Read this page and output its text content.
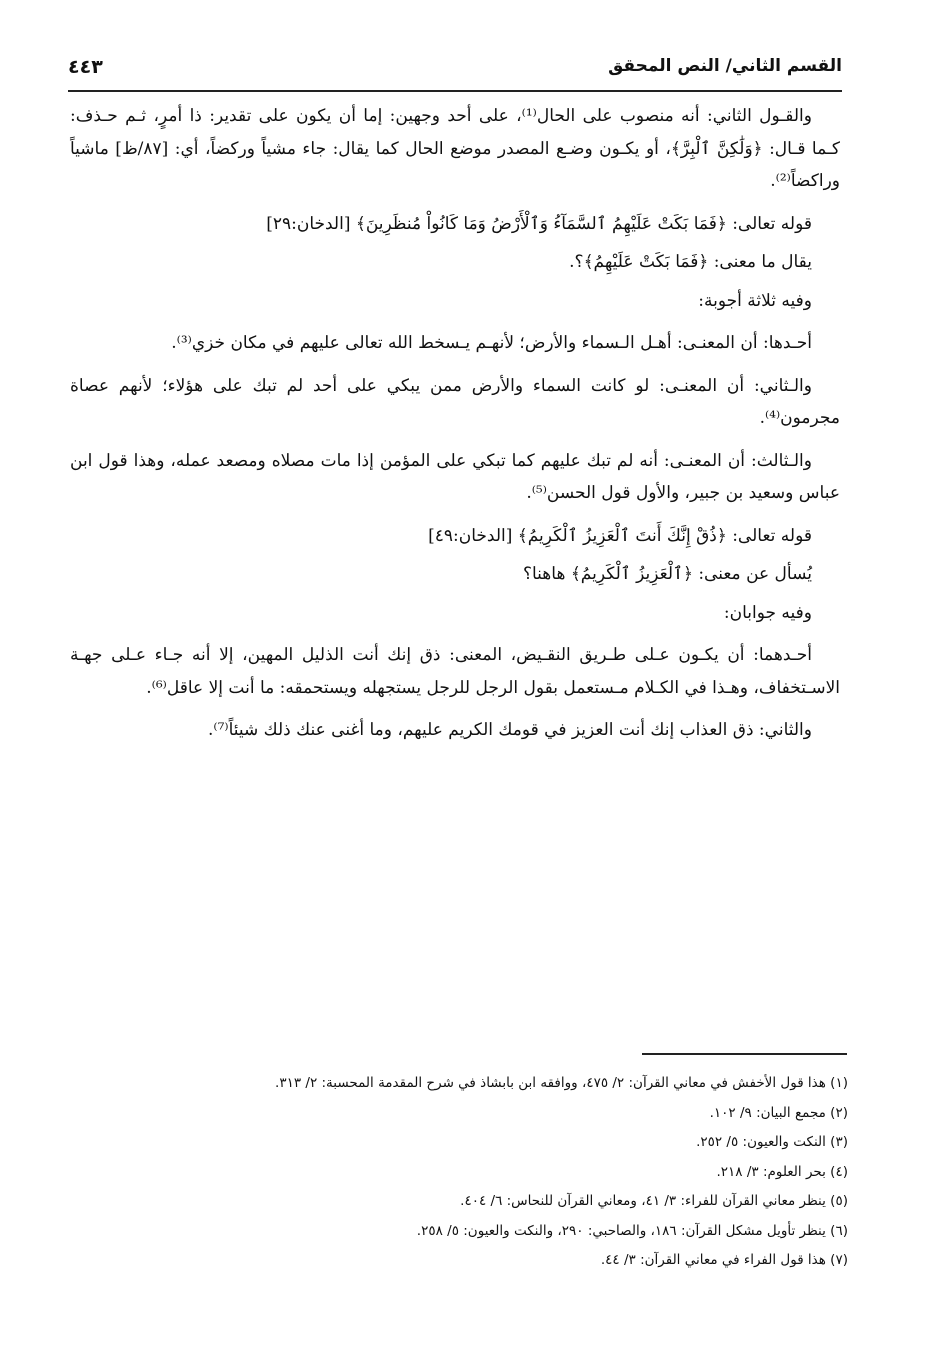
القسم الثاني/ النص المحقق
٤٤٣

والقـول الثاني: أنه منصوب على الحال⁽¹⁾، على أحد وجهين: إما أن يكون على تقدير: ذا أمرٍ، ثـم حـذف: كـما قـال: ﴿وَلَٰكِنَّ ٱلْبِرَّ﴾، أو يكـون وضـع المصدر موضع الحال كما يقال: جاء مشياً وركضاً، أي: [٨٧/ظ] ماشياً وراكضاً⁽²⁾.

قوله تعالى: ﴿فَمَا بَكَتْ عَلَيْهِمُ ٱلسَّمَآءُ وَٱلْأَرْضُ وَمَا كَانُواْ مُنظَرِينَ﴾ [الدخان:٢٩]

يقال ما معنى: ﴿فَمَا بَكَتْ عَلَيْهِمُ﴾؟.

وفيه ثلاثة أجوبة:

أحـدها: أن المعنـى: أهـل الـسماء والأرض؛ لأنهـم يـسخط الله تعالى عليهم في مكان خزي⁽³⁾.

والـثاني: أن المعنـى: لو كانت السماء والأرض ممن يبكي على أحد لم تبك على هؤلاء؛ لأنهم عصاة مجرمون⁽⁴⁾.

والـثالث: أن المعنـى: أنه لم تبك عليهم كما تبكي على المؤمن إذا مات مصلاه ومصعد عمله، وهذا قول ابن عباس وسعيد بن جبير، والأول قول الحسن⁽⁵⁾.

قوله تعالى: ﴿ذُقْ إِنَّكَ أَنتَ ٱلْعَزِيزُ ٱلْكَرِيمُ﴾ [الدخان:٤٩]

يُسأل عن معنى: ﴿ٱلْعَزِيزُ ٱلْكَرِيمُ﴾ هاهنا؟

وفيه جوابان:

أحـدهما: أن يكـون عـلى طـريق النقـيض، المعنى: ذق إنك أنت الذليل المهين، إلا أنه جـاء عـلى جهـة الاسـتخفاف، وهـذا في الكـلام مـستعمل بقول الرجل للرجل يستجهله ويستحمقه: ما أنت إلا عاقل⁽⁶⁾.

والثاني: ذق العذاب إنك أنت العزيز في قومك الكريم عليهم، وما أغنى عنك ذلك شيئاً⁽⁷⁾.

(١) هذا قول الأخفش في معاني القرآن: ٢/ ٤٧٥، ووافقه ابن بابشاذ في شرح المقدمة المحسبة: ٢/ ٣١٣.
(٢) مجمع البيان: ٩/ ١٠٢.
(٣) النكت والعيون: ٥/ ٢٥٢.
(٤) بحر العلوم: ٣/ ٢١٨.
(٥) ينظر معاني القرآن للفراء: ٣/ ٤١، ومعاني القرآن للنحاس: ٦/ ٤٠٤.
(٦) ينظر تأويل مشكل القرآن: ١٨٦، والصاحبي: ٢٩٠، والنكت والعيون: ٥/ ٢٥٨.
(٧) هذا قول الفراء في معاني القرآن: ٣/ ٤٤.
